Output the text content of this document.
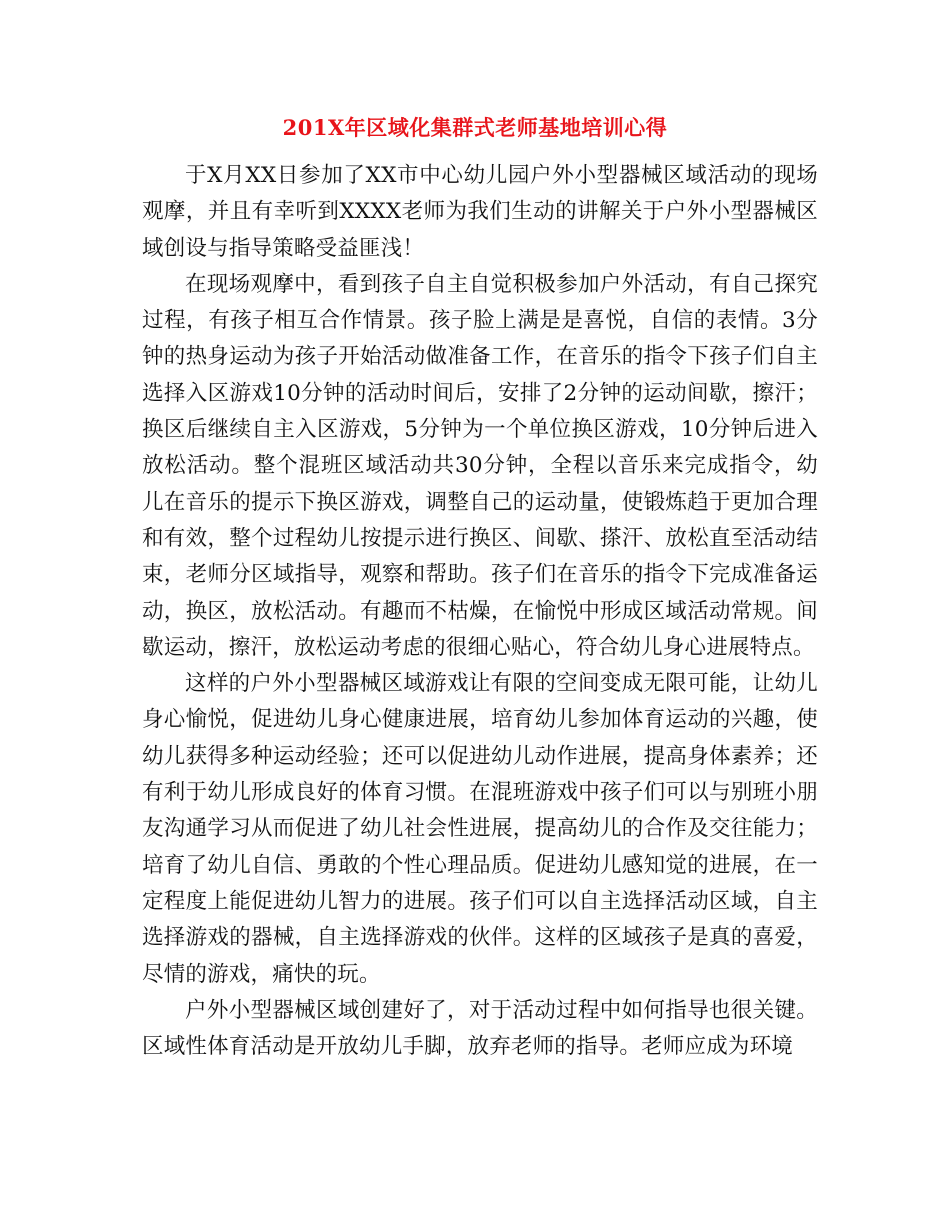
201X年区域化集群式老师基地培训心得

于X月XX日参加了XX市中心幼儿园户外小型器械区域活动的现场观摩，并且有幸听到XXXX老师为我们生动的讲解关于户外小型器械区域创设与指导策略受益匪浅！

在现场观摩中，看到孩子自主自觉积极参加户外活动，有自己探究过程，有孩子相互合作情景。孩子脸上满是是喜悦，自信的表情。3分钟的热身运动为孩子开始活动做准备工作，在音乐的指令下孩子们自主选择入区游戏10分钟的活动时间后，安排了2分钟的运动间歇，擦汗；换区后继续自主入区游戏，5分钟为一个单位换区游戏，10分钟后进入放松活动。整个混班区域活动共30分钟，全程以音乐来完成指令，幼儿在音乐的提示下换区游戏，调整自己的运动量，使锻炼趋于更加合理和有效，整个过程幼儿按提示进行换区、间歇、搽汗、放松直至活动结束，老师分区域指导，观察和帮助。孩子们在音乐的指令下完成准备运动，换区，放松活动。有趣而不枯燥，在愉悦中形成区域活动常规。间歇运动，擦汗，放松运动考虑的很细心贴心，符合幼儿身心进展特点。

这样的户外小型器械区域游戏让有限的空间变成无限可能，让幼儿身心愉悦，促进幼儿身心健康进展，培育幼儿参加体育运动的兴趣，使幼儿获得多种运动经验；还可以促进幼儿动作进展，提高身体素养；还有利于幼儿形成良好的体育习惯。在混班游戏中孩子们可以与别班小朋友沟通学习从而促进了幼儿社会性进展，提高幼儿的合作及交往能力；培育了幼儿自信、勇敢的个性心理品质。促进幼儿感知觉的进展，在一定程度上能促进幼儿智力的进展。孩子们可以自主选择活动区域，自主选择游戏的器械，自主选择游戏的伙伴。这样的区域孩子是真的喜爱，尽情的游戏，痛快的玩。

户外小型器械区域创建好了，对于活动过程中如何指导也很关键。区域性体育活动是开放幼儿手脚，放弃老师的指导。老师应成为环境
